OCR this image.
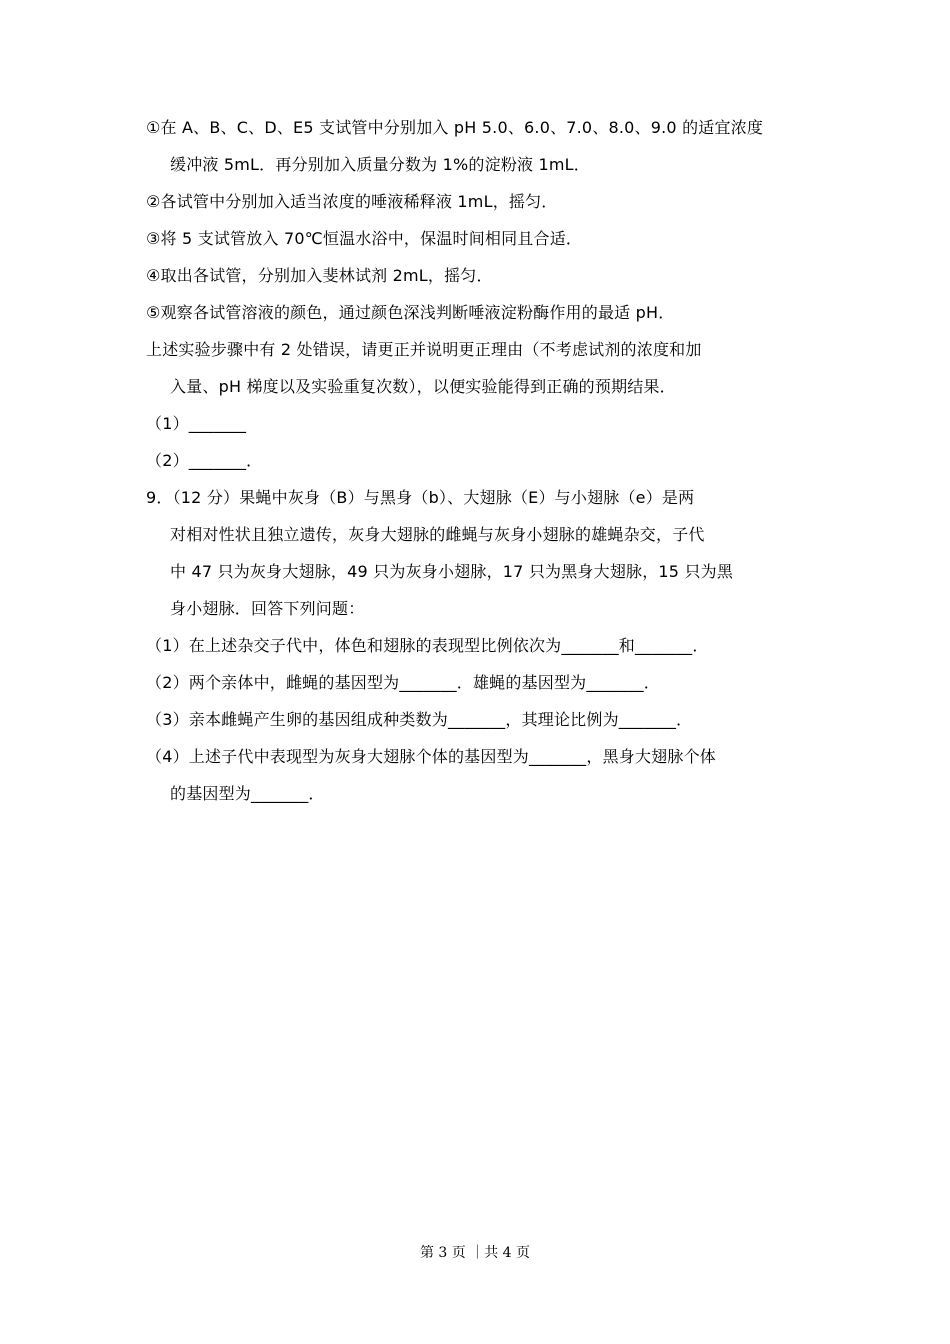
①在 A、B、C、D、E5 支试管中分别加入 pH 5.0、6.0、7.0、8.0、9.0 的适宜浓度
缓冲液 5mL．再分别加入质量分数为 1%的淀粉液 1mL．
②各试管中分别加入适当浓度的唾液稀释液 1mL，摇匀．
③将 5 支试管放入 70℃恒温水浴中，保温时间相同且合适．
④取出各试管，分别加入斐林试剂 2mL，摇匀．
⑤观察各试管溶液的颜色，通过颜色深浅判断唾液淀粉酶作用的最适 pH．
上述实验步骤中有 2 处错误，请更正并说明更正理由（不考虑试剂的浓度和加
入量、pH 梯度以及实验重复次数），以便实验能得到正确的预期结果．
（1）_______
（2）_______．
9．（12 分）果蝇中灰身（B）与黑身（b）、大翅脉（E）与小翅脉（e）是两
对相对性状且独立遗传，灰身大翅脉的雌蝇与灰身小翅脉的雄蝇杂交，子代
中 47 只为灰身大翅脉，49 只为灰身小翅脉，17 只为黑身大翅脉，15 只为黑
身小翅脉．回答下列问题：
（1）在上述杂交子代中，体色和翅脉的表现型比例依次为_______和_______．
（2）两个亲体中，雌蝇的基因型为_______．雄蝇的基因型为_______．
（3）亲本雌蝇产生卵的基因组成种类数为_______，其理论比例为_______．
（4）上述子代中表现型为灰身大翅脉个体的基因型为_______，黑身大翅脉个体
的基因型为_______．
第 3 页 ｜共 4 页
